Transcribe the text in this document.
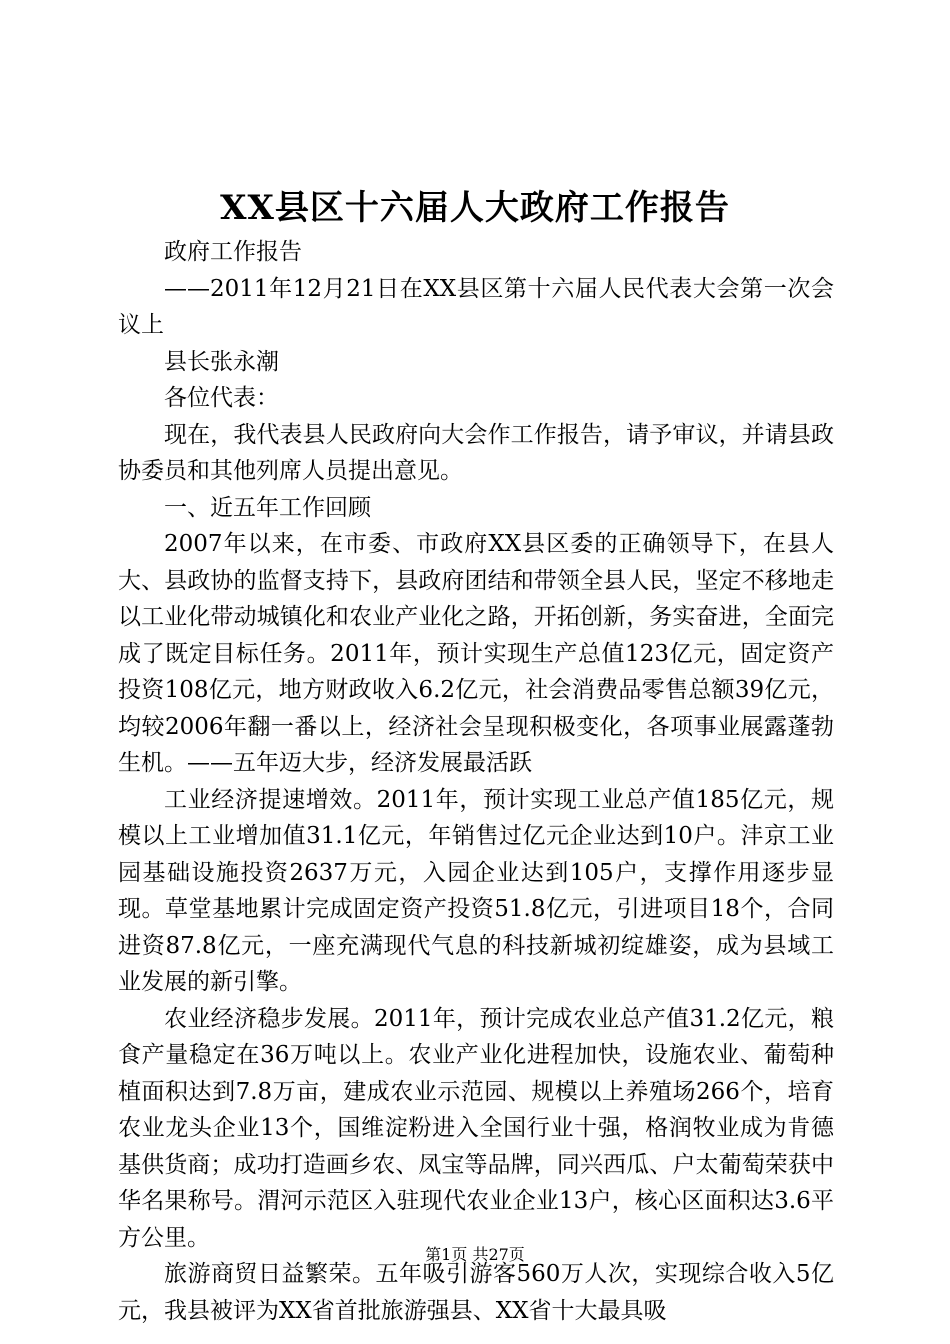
XX县区十六届人大政府工作报告

政府工作报告

——2011年12月21日在XX县区第十六届人民代表大会第一次会议上

县长张永潮

各位代表：

现在，我代表县人民政府向大会作工作报告，请予审议，并请县政协委员和其他列席人员提出意见。

一、近五年工作回顾

2007年以来，在市委、市政府XX县区委的正确领导下，在县人大、县政协的监督支持下，县政府团结和带领全县人民，坚定不移地走以工业化带动城镇化和农业产业化之路，开拓创新，务实奋进，全面完成了既定目标任务。2011年，预计实现生产总值123亿元，固定资产投资108亿元，地方财政收入6.2亿元，社会消费品零售总额39亿元，均较2006年翻一番以上，经济社会呈现积极变化，各项事业展露蓬勃生机。——五年迈大步，经济发展最活跃

工业经济提速增效。2011年，预计实现工业总产值185亿元，规模以上工业增加值31.1亿元，年销售过亿元企业达到10户。沣京工业园基础设施投资2637万元，入园企业达到105户，支撑作用逐步显现。草堂基地累计完成固定资产投资51.8亿元，引进项目18个，合同进资87.8亿元，一座充满现代气息的科技新城初绽雄姿，成为县域工业发展的新引擎。

农业经济稳步发展。2011年，预计完成农业总产值31.2亿元，粮食产量稳定在36万吨以上。农业产业化进程加快，设施农业、葡萄种植面积达到7.8万亩，建成农业示范园、规模以上养殖场266个，培育农业龙头企业13个，国维淀粉进入全国行业十强，格润牧业成为肯德基供货商；成功打造画乡农、凤宝等品牌，同兴西瓜、户太葡萄荣获中华名果称号。渭河示范区入驻现代农业企业13户，核心区面积达3.6平方公里。

旅游商贸日益繁荣。五年吸引游客560万人次，实现综合收入5亿元，我县被评为XX省首批旅游强县、XX省十大最具吸

第1页 共27页
